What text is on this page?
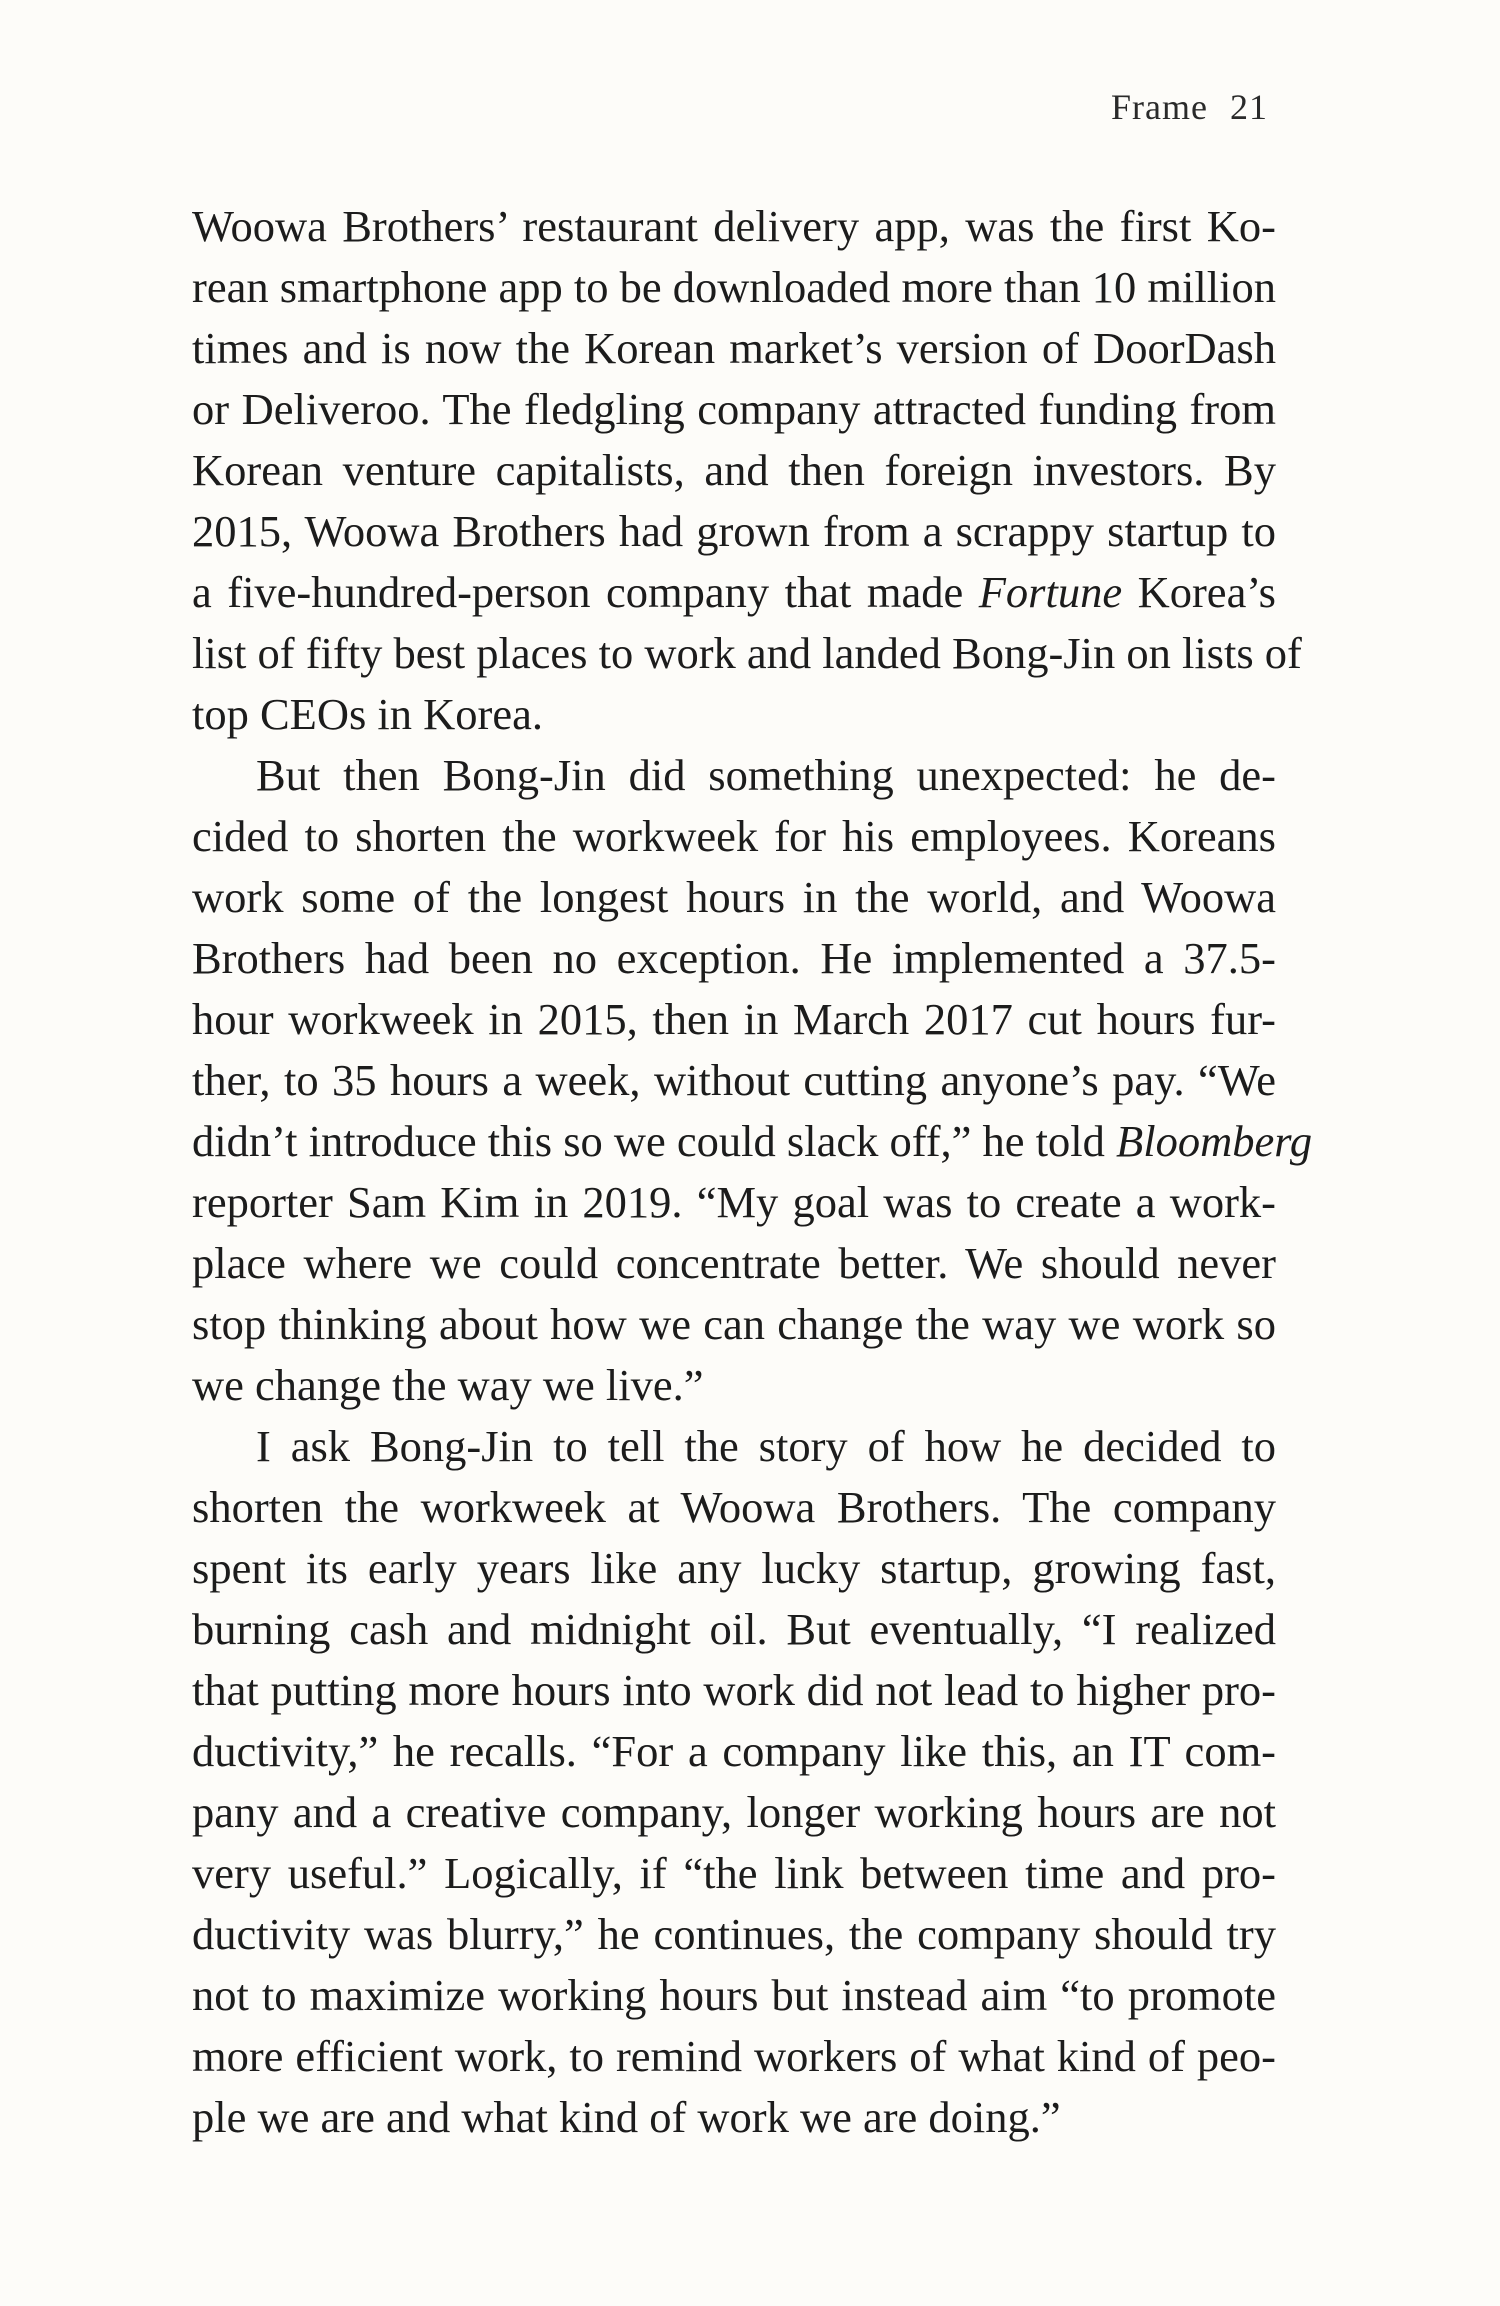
Frame 21
Woowa Brothers’ restaurant delivery app, was the first Ko-
rean smartphone app to be downloaded more than 10 million
times and is now the Korean market’s version of DoorDash
or Deliveroo. The fledgling company attracted funding from
Korean venture capitalists, and then foreign investors. By
2015, Woowa Brothers had grown from a scrappy startup to
a five-hundred-person company that made Fortune Korea’s
list of fifty best places to work and landed Bong-Jin on lists of
top CEOs in Korea.
But then Bong-Jin did something unexpected: he de-
cided to shorten the workweek for his employees. Koreans
work some of the longest hours in the world, and Woowa
Brothers had been no exception. He implemented a 37.5-
hour workweek in 2015, then in March 2017 cut hours fur-
ther, to 35 hours a week, without cutting anyone’s pay. “We
didn’t introduce this so we could slack off,” he told Bloomberg
reporter Sam Kim in 2019. “My goal was to create a work-
place where we could concentrate better. We should never
stop thinking about how we can change the way we work so
we change the way we live.”
I ask Bong-Jin to tell the story of how he decided to
shorten the workweek at Woowa Brothers. The company
spent its early years like any lucky startup, growing fast,
burning cash and midnight oil. But eventually, “I realized
that putting more hours into work did not lead to higher pro-
ductivity,” he recalls. “For a company like this, an IT com-
pany and a creative company, longer working hours are not
very useful.” Logically, if “the link between time and pro-
ductivity was blurry,” he continues, the company should try
not to maximize working hours but instead aim “to promote
more efficient work, to remind workers of what kind of peo-
ple we are and what kind of work we are doing.”
